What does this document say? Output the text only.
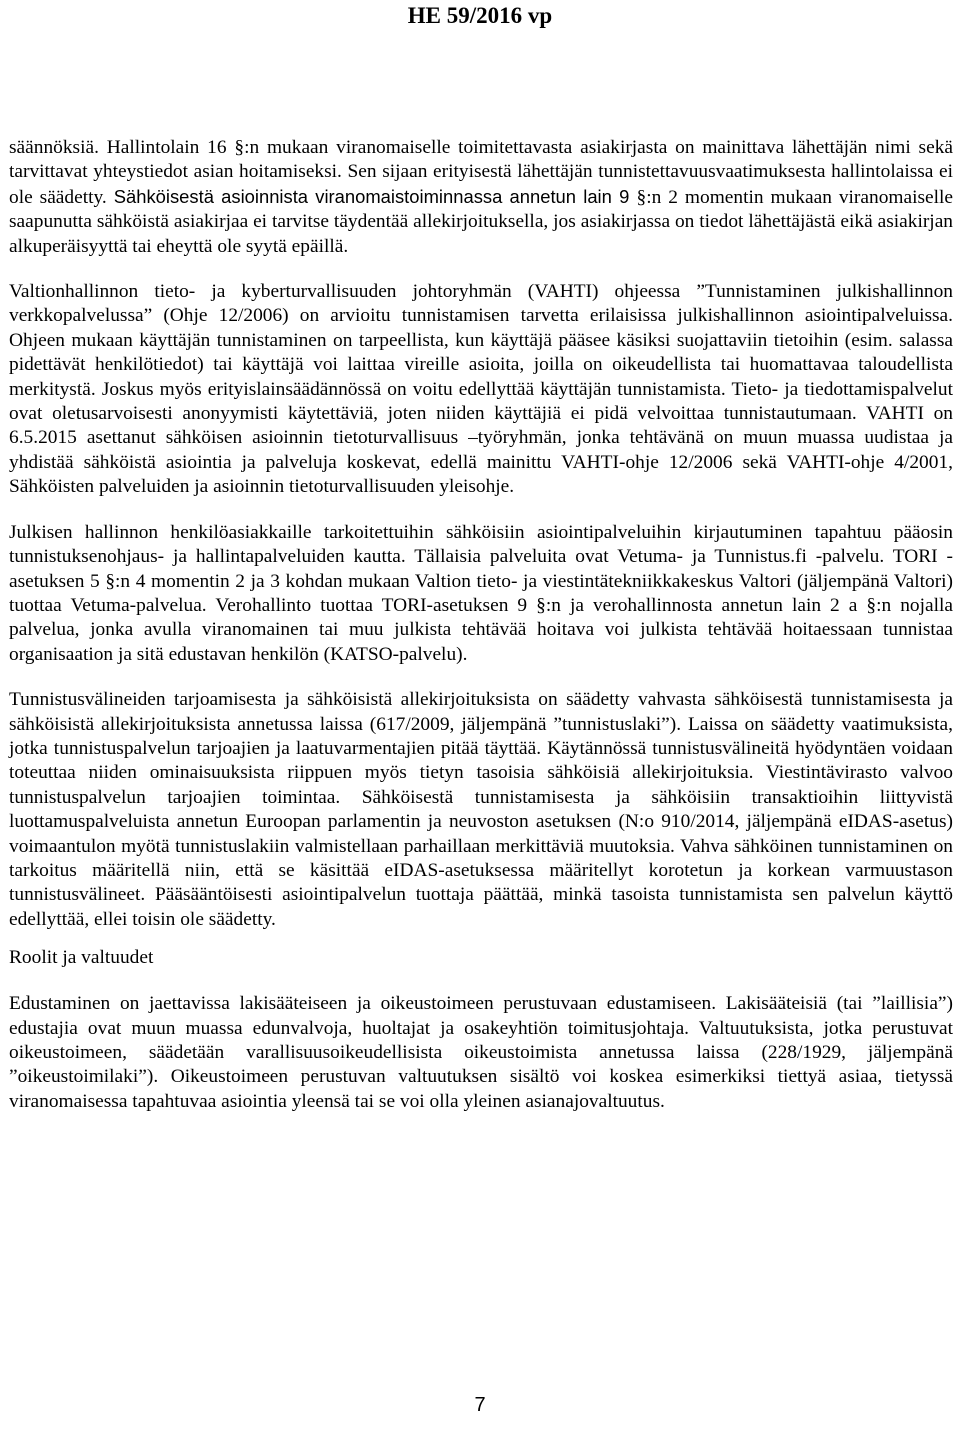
HE 59/2016 vp

säännöksiä. Hallintolain 16 §:n mukaan viranomaiselle toimitettavasta asiakirjasta on mainittava lähettäjän nimi sekä tarvittavat yhteystiedot asian hoitamiseksi. Sen sijaan erityisestä lähettäjän tunnistettavuusvaatimuksesta hallintolaissa ei ole säädetty. Sähköisestä asioinnista viranomaistoiminnassa annetun lain 9 §:n 2 momentin mukaan viranomaiselle saapunutta sähköistä asiakirjaa ei tarvitse täydentää allekirjoituksella, jos asiakirjassa on tiedot lähettäjästä eikä asiakirjan alkuperäisyyttä tai eheyttä ole syytä epäillä.

Valtionhallinnon tieto- ja kyberturvallisuuden johtoryhmän (VAHTI) ohjeessa ”Tunnistaminen julkishallinnon verkkopalvelussa” (Ohje 12/2006) on arvioitu tunnistamisen tarvetta erilaisissa julkishallinnon asiointipalveluissa. Ohjeen mukaan käyttäjän tunnistaminen on tarpeellista, kun käyttäjä pääsee käsiksi suojattaviin tietoihin (esim. salassa pidettävät henkilötiedot) tai käyttäjä voi laittaa vireille asioita, joilla on oikeudellista tai huomattavaa taloudellista merkitystä. Joskus myös erityislainsäädännössä on voitu edellyttää käyttäjän tunnistamista. Tieto- ja tiedottamispalvelut ovat oletusarvoisesti anonyymisti käytettäviä, joten niiden käyttäjiä ei pidä velvoittaa tunnistautumaan. VAHTI on 6.5.2015 asettanut sähköisen asioinnin tietoturvallisuus –työryhmän, jonka tehtävänä on muun muassa uudistaa ja yhdistää sähköistä asiointia ja palveluja koskevat, edellä mainittu VAHTI-ohje 12/2006 sekä VAHTI-ohje 4/2001, Sähköisten palveluiden ja asioinnin tietoturvallisuuden yleisohje.

Julkisen hallinnon henkilöasiakkaille tarkoitettuihin sähköisiin asiointipalveluihin kirjautuminen tapahtuu pääosin tunnistuksenohjaus- ja hallintapalveluiden kautta. Tällaisia palveluita ovat Vetuma- ja Tunnistus.fi -palvelu. TORI -asetuksen 5 §:n 4 momentin 2 ja 3 kohdan mukaan Valtion tieto- ja viestintätekniikkakeskus Valtori (jäljempänä Valtori) tuottaa Vetuma-palvelua. Verohallinto tuottaa TORI-asetuksen 9 §:n ja verohallinnosta annetun lain 2 a §:n nojalla palvelua, jonka avulla viranomainen tai muu julkista tehtävää hoitava voi julkista tehtävää hoitaessaan tunnistaa organisaation ja sitä edustavan henkilön (KATSO-palvelu).

Tunnistusvälineiden tarjoamisesta ja sähköisistä allekirjoituksista on säädetty vahvasta sähköisestä tunnistamisesta ja sähköisistä allekirjoituksista annetussa laissa (617/2009, jäljempänä ”tunnistuslaki”). Laissa on säädetty vaatimuksista, jotka tunnistuspalvelun tarjoajien ja laatuvarmentajien pitää täyttää. Käytännössä tunnistusvälineitä hyödyntäen voidaan toteuttaa niiden ominaisuuksista riippuen myös tietyn tasoisia sähköisiä allekirjoituksia. Viestintävirasto valvoo tunnistuspalvelun tarjoajien toimintaa. Sähköisestä tunnistamisesta ja sähköisiin transaktioihin liittyvistä luottamuspalveluista annetun Euroopan parlamentin ja neuvoston asetuksen (N:o 910/2014, jäljempänä eIDAS-asetus) voimaantulon myötä tunnistuslakiin valmistellaan parhaillaan merkittäviä muutoksia. Vahva sähköinen tunnistaminen on tarkoitus määritellä niin, että se käsittää eIDAS-asetuksessa määritellyt korotetun ja korkean varmuustason tunnistusvälineet. Pääsääntöisesti asiointipalvelun tuottaja päättää, minkä tasoista tunnistamista sen palvelun käyttö edellyttää, ellei toisin ole säädetty.

Roolit ja valtuudet

Edustaminen on jaettavissa lakisääteiseen ja oikeustoimeen perustuvaan edustamiseen. Lakisääteisiä (tai ”laillisia”) edustajia ovat muun muassa edunvalvoja, huoltajat ja osakeyhtiön toimitusjohtaja. Valtuutuksista, jotka perustuvat oikeustoimeen, säädetään varallisuusoikeudellisista oikeustoimista annetussa laissa (228/1929, jäljempänä ”oikeustoimilaki”). Oikeustoimeen perustuvan valtuutuksen sisältö voi koskea esimerkiksi tiettyä asiaa, tietyssä viranomaisessa tapahtuvaa asiointia yleensä tai se voi olla yleinen asianajovaltuutus.

7
